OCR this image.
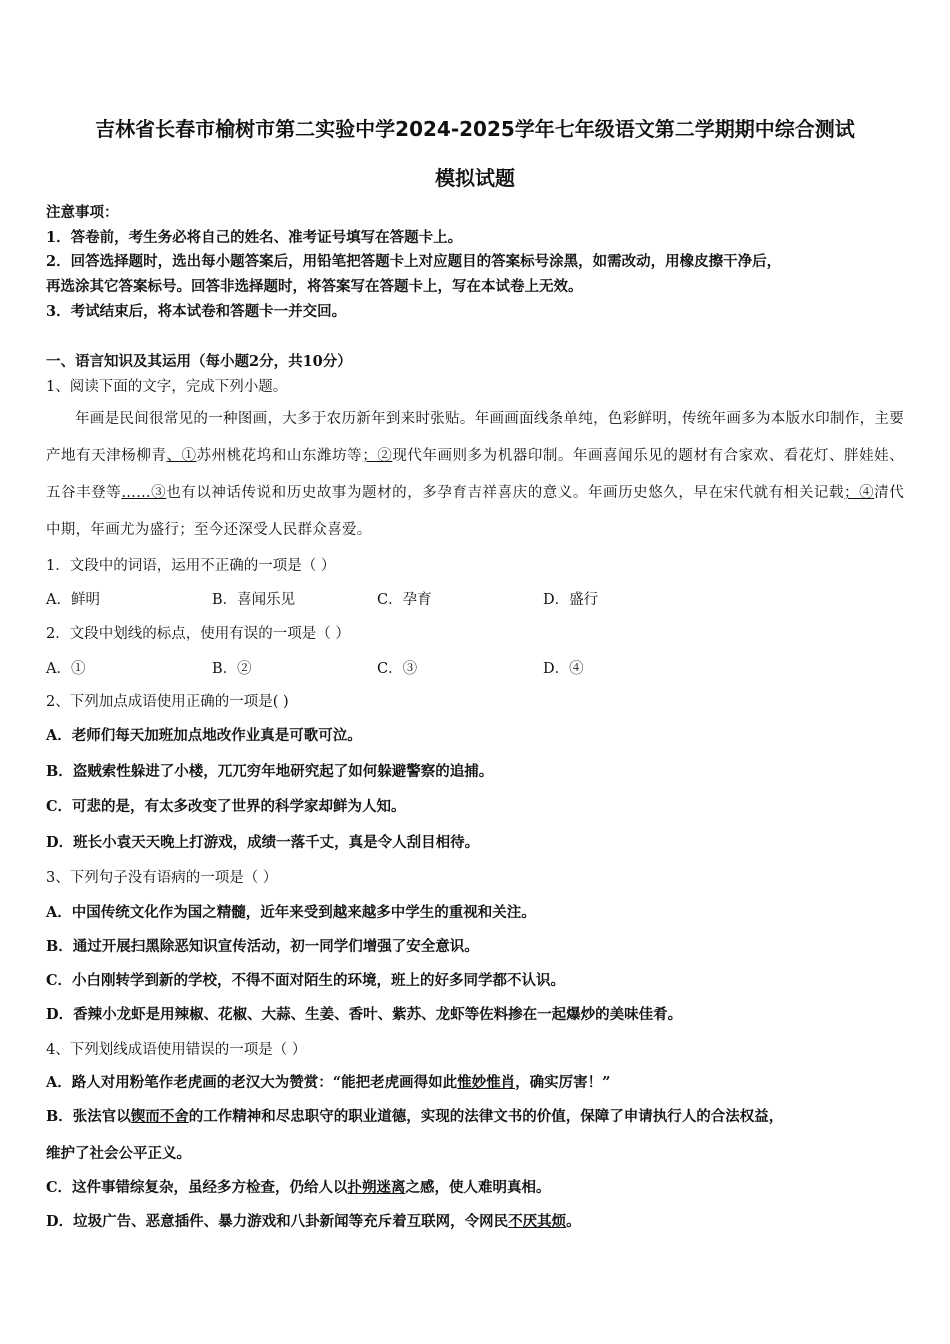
吉林省长春市榆树市第二实验中学2024-2025学年七年级语文第二学期期中综合测试
模拟试题
注意事项：
1．答卷前，考生务必将自己的姓名、准考证号填写在答题卡上。
2．回答选择题时，选出每小题答案后，用铅笔把答题卡上对应题目的答案标号涂黑，如需改动，用橡皮擦干净后，
再选涂其它答案标号。回答非选择题时，将答案写在答题卡上，写在本试卷上无效。
3．考试结束后，将本试卷和答题卡一并交回。
一、语言知识及其运用（每小题2分，共10分）
1、阅读下面的文字，完成下列小题。
年画是民间很常见的一种图画，大多于农历新年到来时张贴。年画画面线条单纯，色彩鲜明，传统年画多为本版水印制作，主要产地有天津杨柳青、①苏州桃花坞和山东潍坊等；②现代年画则多为机器印制。年画喜闻乐见的题材有合家欢、看花灯、胖娃娃、五谷丰登等……③也有以神话传说和历史故事为题材的，多孕育吉祥喜庆的意义。年画历史悠久，早在宋代就有相关记载；④清代中期，年画尤为盛行；至今还深受人民群众喜爱。
1．文段中的词语，运用不正确的一项是（ ）
A．鲜明	B．喜闻乐见	C．孕育	D．盛行
2．文段中划线的标点，使用有误的一项是（ ）
A．①	B．②	C．③	D．④
2、下列加点成语使用正确的一项是( )
A．老师们每天加班加点地改作业真是可歌可泣。
B．盗贼索性躲进了小楼，兀兀穷年地研究起了如何躲避警察的追捕。
C．可悲的是，有太多改变了世界的科学家却鲜为人知。
D．班长小袁天天晚上打游戏，成绩一落千丈，真是令人刮目相待。
3、下列句子没有语病的一项是（ ）
A．中国传统文化作为国之精髓，近年来受到越来越多中学生的重视和关注。
B．通过开展扫黑除恶知识宣传活动，初一同学们增强了安全意识。
C．小白刚转学到新的学校，不得不面对陌生的环境，班上的好多同学都不认识。
D．香辣小龙虾是用辣椒、花椒、大蒜、生姜、香叶、紫苏、龙虾等佐料掺在一起爆炒的美味佳肴。
4、下列划线成语使用错误的一项是（ ）
A．路人对用粉笔作老虎画的老汉大为赞赏：“能把老虎画得如此惟妙惟肖，确实厉害！”
B．张法官以锲而不舍的工作精神和尽忠职守的职业道德，实现的法律文书的价值，保障了申请执行人的合法权益，
维护了社会公平正义。
C．这件事错综复杂，虽经多方检查，仍给人以扑朔迷离之感，使人难明真相。
D．垃圾广告、恶意插件、暴力游戏和八卦新闻等充斥着互联网，令网民不厌其烦。
